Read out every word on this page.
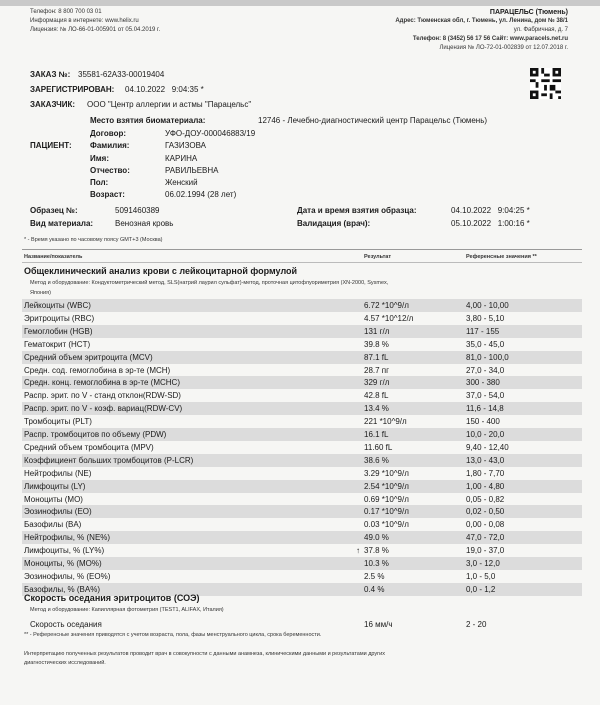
Телефон: 8 800 700 03 01
Информация в интернете: www.helix.ru
Лицензия: № ЛО-66-01-005901 от 05.04.2019 г.
ПАРАЦЕЛЬС (Тюмень)
Адрес: Тюменская обл, г. Тюмень, ул. Ленина, дом № 38/1
ул. Фабричная, д. 7
Телефон: 8 (3452) 56 17 56 Сайт: www.paracels.net.ru
Лицензия № ЛО-72-01-002839 от 12.07.2018 г.
ЗАКАЗ №: 35581-62A33-00019404
ЗАРЕГИСТРИРОВАН: 04.10.2022   9:04:35 *
ЗАКАЗЧИК: ООО "Центр аллергии и астмы "Парацельс"
ПАЦИЕНТ:
Место взятия биоматериала:	12746 - Лечебно-диагностический центр Парацельс (Тюмень)
Договор:	УФО-ДОУ-000046883/19
Фамилия:	ГАЗИЗОВА
Имя:	КАРИНА
Отчество:	РАВИЛЬЕВНА
Пол:	Женский
Возраст:	06.02.1994 (28 лет)
Образец №:	5091460389
Вид материала:	Венозная кровь
Дата и время взятия образца:	04.10.2022   9:04:25 *
Валидация (врач):	05.10.2022   1:00:16 *
* - Время указано по часовому поясу GMT+3 (Москва)
Название/показатель	Результат	Референсные значения **
Общеклинический анализ крови с лейкоцитарной формулой
Метод и оборудование: Кондуктометрический метод, SLS(натрий лаурил сульфат)-метод, проточная цитофлуориметрия (XN-2000, Sysmex,
Япония)
Лейкоциты (WBC)	6.72 *10^9/л	4,00 - 10,00
Эритроциты (RBC)	4.57 *10^12/л	3,80 - 5,10
Гемоглобин (HGB)	131 г/л	117 - 155
Гематокрит (HCT)	39.8 %	35,0 - 45,0
Средний объем эритроцита (MCV)	87.1 fL	81,0 - 100,0
Средн. сод. гемоглобина в эр-те (MCH)	28.7 пг	27,0 - 34,0
Средн. конц. гемоглобина в эр-те (MCHC)	329 г/л	300 - 380
Распр. эрит. по V - станд отклон(RDW-SD)	42.8 fL	37,0 - 54,0
Распр. эрит. по V - коэф. вариац(RDW-CV)	13.4 %	11,6 - 14,8
Тромбоциты (PLT)	221 *10^9/л	150 - 400
Распр. тромбоцитов по объему (PDW)	16.1 fL	10,0 - 20,0
Средний объем тромбоцита (MPV)	11.60 fL	9,40 - 12,40
Коэффициент больших тромбоцитов (P-LCR)	38.6 %	13,0 - 43,0
Нейтрофилы (NE)	3.29 *10^9/л	1,80 - 7,70
Лимфоциты (LY)	2.54 *10^9/л	1,00 - 4,80
Моноциты (MO)	0.69 *10^9/л	0,05 - 0,82
Эозинофилы (EO)	0.17 *10^9/л	0,02 - 0,50
Базофилы (BA)	0.03 *10^9/л	0,00 - 0,08
Нейтрофилы, % (NE%)	49.0 %	47,0 - 72,0
Лимфоциты, % (LY%)	↑ 37.8 %	19,0 - 37,0
Моноциты, % (MO%)	10.3 %	3,0 - 12,0
Эозинофилы, % (EO%)	2.5 %	1,0 - 5,0
Базофилы, % (BA%)	0.4 %	0,0 - 1,2
Скорость оседания эритроцитов (СОЭ)
Метод и оборудование: Капиллярная фотометрия (TEST1, ALIFAX, Италия)
Скорость оседания	16 мм/ч	2 - 20
** - Референсные значения приводятся с учетом возраста, пола, фазы менструального цикла, срока беременности.
Интерпретацию полученных результатов проводит врач в совокупности с данными анамнеза, клиническими данными и результатами других
диагностических исследований.
